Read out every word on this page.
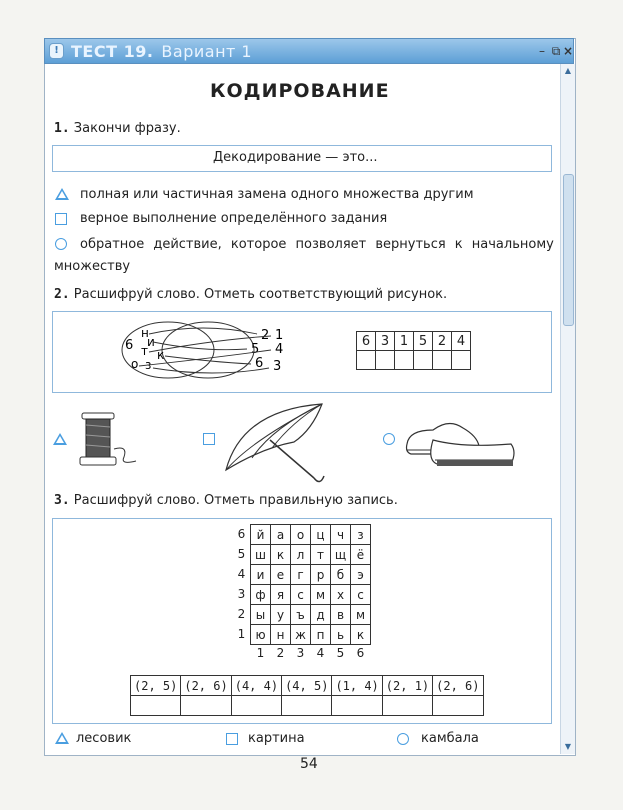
! ТЕСТ 19. Вариант 1	– ⧉ ×
▲
▼
КОДИРОВАНИЕ
1. Закончи фразу.
Декодирование — это...
полная или частичная замена одного множества другим
верное выполнение определённого задания
обратное действие, которое позволяет вернуться к начальному
множеству
2. Расшифруй слово. Отметь соответствующий рисунок.
6
н
и
т к
о з
2 1
5 4
6 3
6	3	1	5	2	4

3. Расшифруй слово. Отметь правильную запись.
6
5
4
3
2
1
й	а	о	ц	ч	з
ш	к	л	т	щ	ё
и	е	г	р	б	э
ф	я	с	м	х	с
ы	у	ъ	д	в	м
ю	н	ж	п	ь	к
1	2	3	4	5	6
(2, 5)	(2, 6)	(4, 4)	(4, 5)	(1, 4)	(2, 1)	(2, 6)

лесовик	картина	камбала
54
